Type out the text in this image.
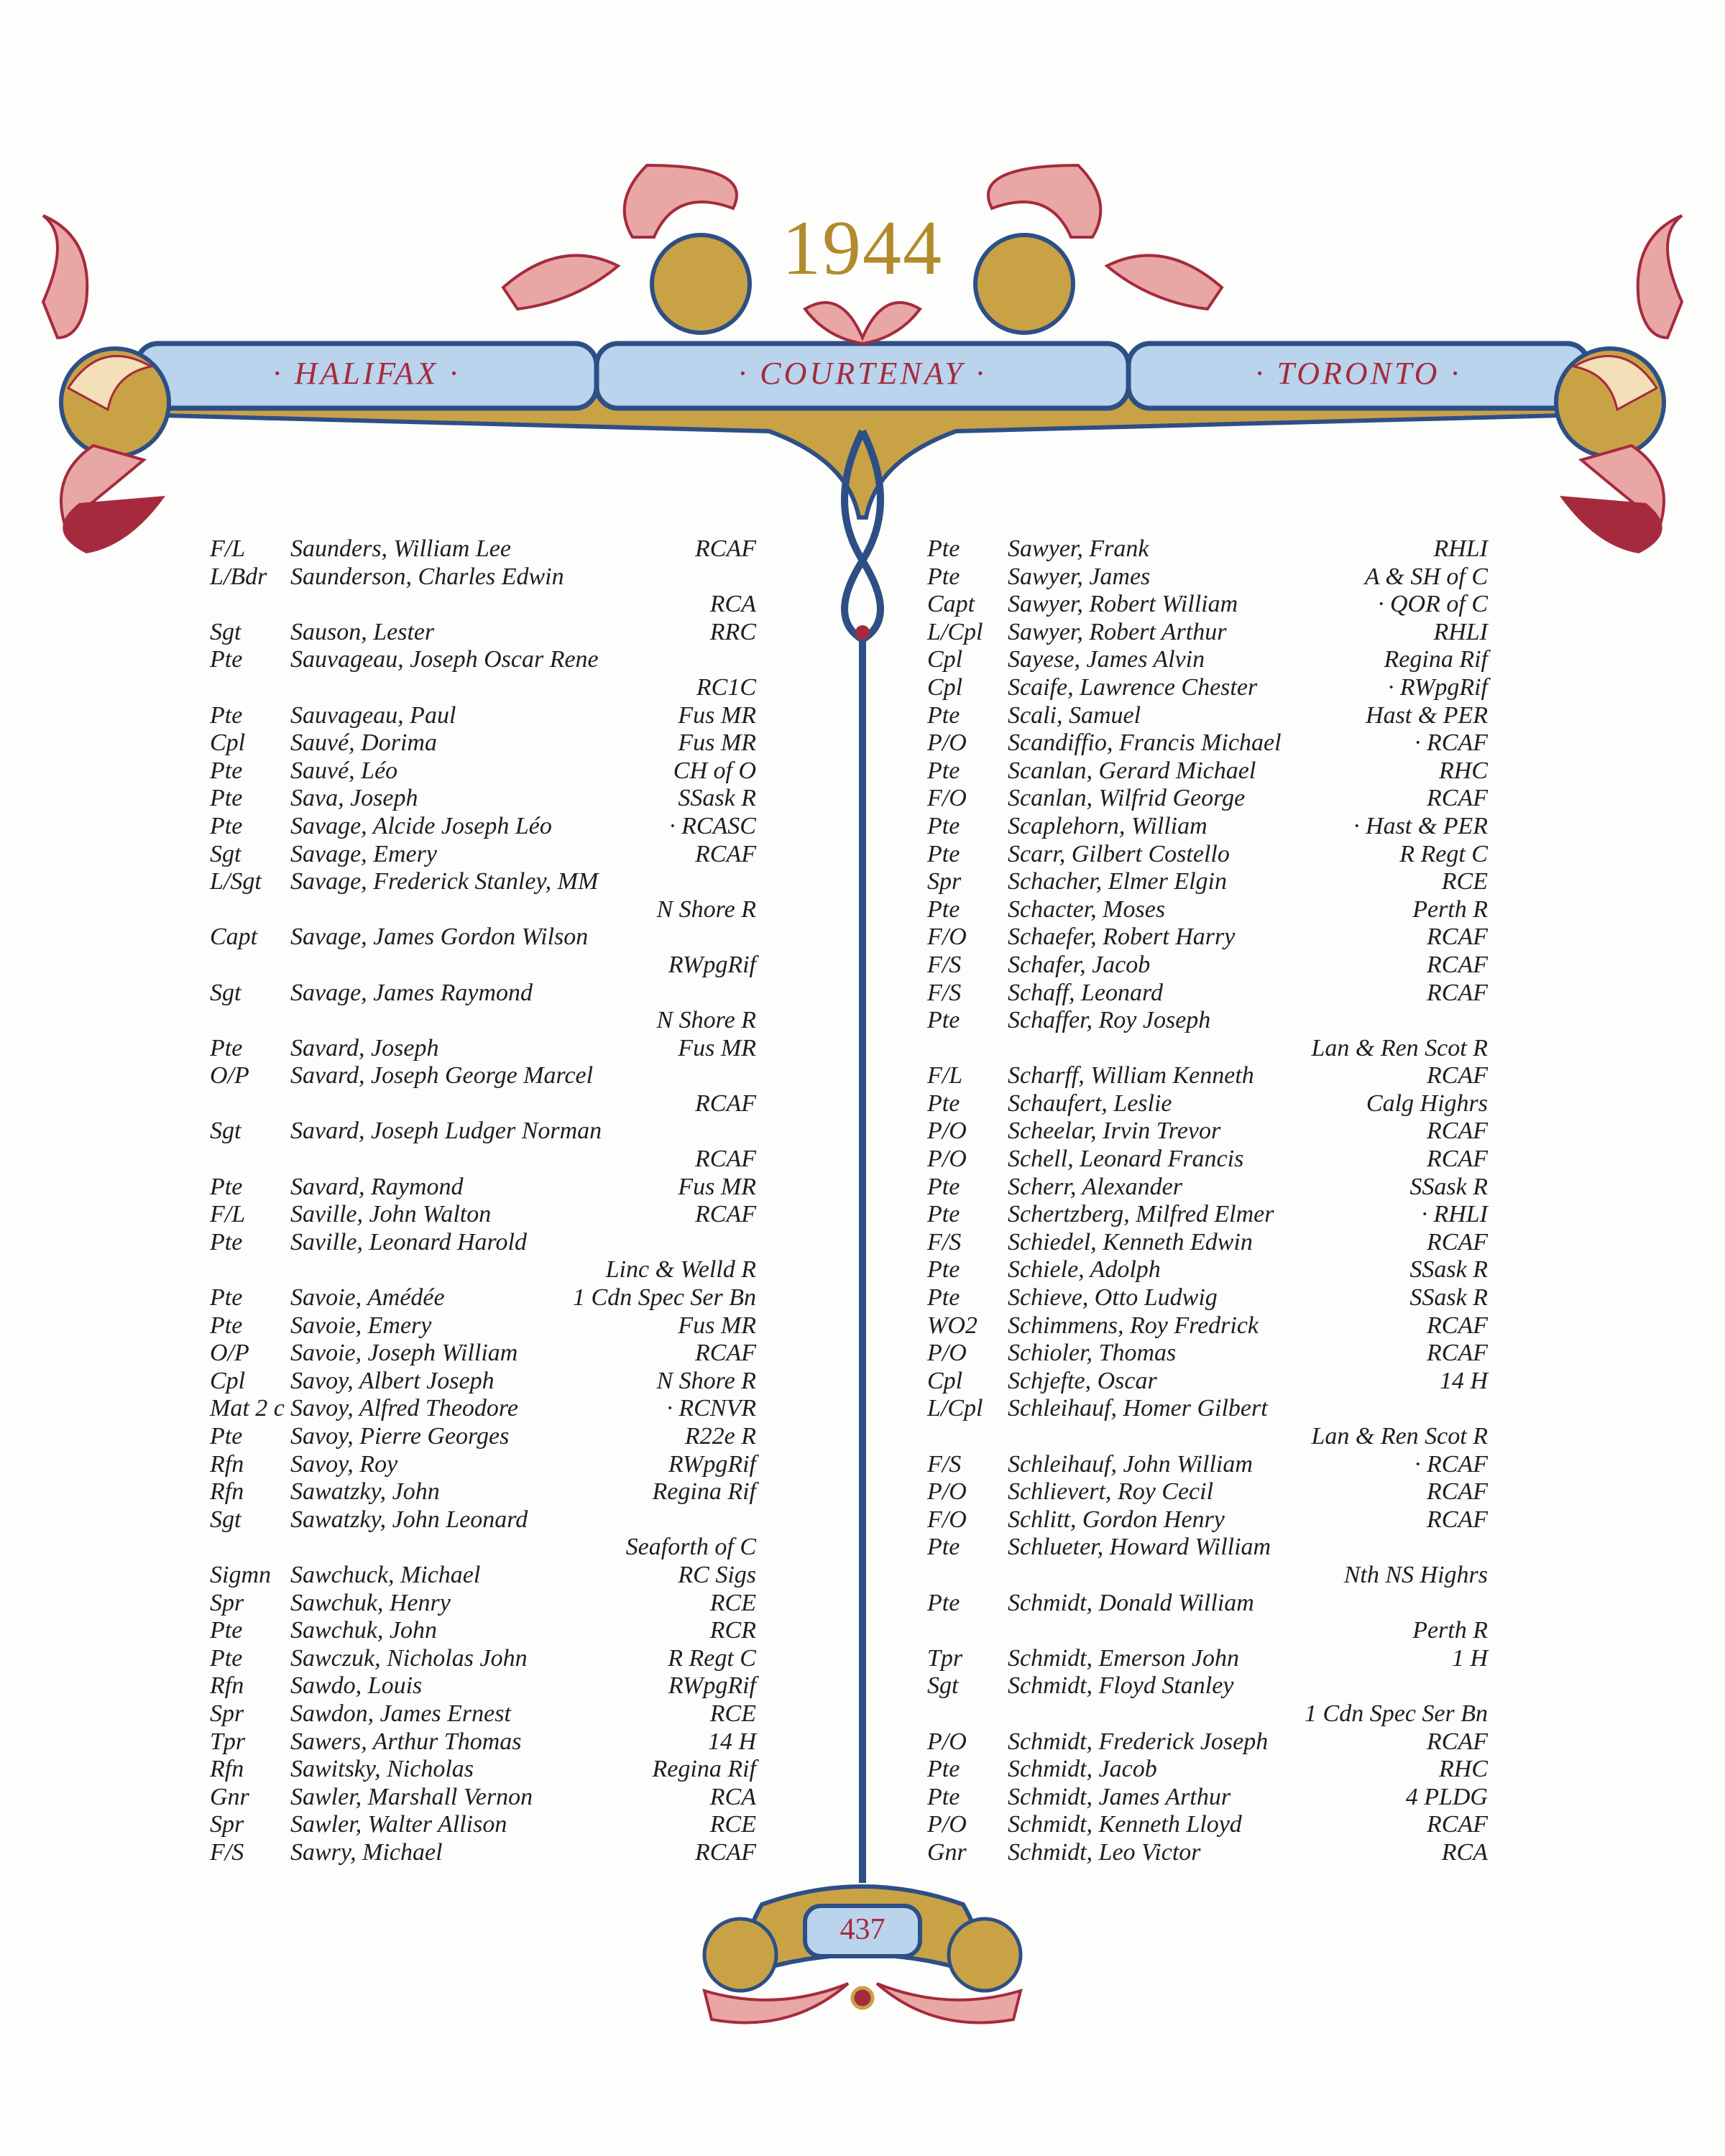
1944
· HALIFAX ·	· COURTENAY ·	· TORONTO ·
F/L Saunders, William Lee	RCAF
L/Bdr Saunderson, Charles Edwin
RCA
Sgt Sauson, Lester	RRC
Pte Sauvageau, Joseph Oscar Rene
RC1C
Pte Sauvageau, Paul	Fus MR
Cpl Sauvé, Dorima	Fus MR
Pte Sauvé, Léo	CH of O
Pte Sava, Joseph	SSask R
Pte Savage, Alcide Joseph Léo	· RCASC
Sgt Savage, Emery	RCAF
L/Sgt Savage, Frederick Stanley, MM
N Shore R
Capt Savage, James Gordon Wilson
RWpgRif
Sgt Savage, James Raymond
N Shore R
Pte Savard, Joseph	Fus MR
O/P Savard, Joseph George Marcel
RCAF
Sgt Savard, Joseph Ludger Norman
RCAF
Pte Savard, Raymond	Fus MR
F/L Saville, John Walton	RCAF
Pte Saville, Leonard Harold
Linc & Welld R
Pte Savoie, Amédée	1 Cdn Spec Ser Bn
Pte Savoie, Emery	Fus MR
O/P Savoie, Joseph William	RCAF
Cpl Savoy, Albert Joseph	N Shore R
Mat 2 c Savoy, Alfred Theodore	· RCNVR
Pte Savoy, Pierre Georges	R22e R
Rfn Savoy, Roy	RWpgRif
Rfn Sawatzky, John	Regina Rif
Sgt Sawatzky, John Leonard
Seaforth of C
Sigmn Sawchuck, Michael	RC Sigs
Spr Sawchuk, Henry	RCE
Pte Sawchuk, John	RCR
Pte Sawczuk, Nicholas John	R Regt C
Rfn Sawdo, Louis	RWpgRif
Spr Sawdon, James Ernest	RCE
Tpr Sawers, Arthur Thomas	14 H
Rfn Sawitsky, Nicholas	Regina Rif
Gnr Sawler, Marshall Vernon	RCA
Spr Sawler, Walter Allison	RCE
F/S Sawry, Michael	RCAF
Pte Sawyer, Frank	RHLI
Pte Sawyer, James	A & SH of C
Capt Sawyer, Robert William	· QOR of C
L/Cpl Sawyer, Robert Arthur	RHLI
Cpl Sayese, James Alvin	Regina Rif
Cpl Scaife, Lawrence Chester	· RWpgRif
Pte Scali, Samuel	Hast & PER
P/O Scandiffio, Francis Michael	· RCAF
Pte Scanlan, Gerard Michael	RHC
F/O Scanlan, Wilfrid George	RCAF
Pte Scaplehorn, William	· Hast & PER
Pte Scarr, Gilbert Costello	R Regt C
Spr Schacher, Elmer Elgin	RCE
Pte Schacter, Moses	Perth R
F/O Schaefer, Robert Harry	RCAF
F/S Schafer, Jacob	RCAF
F/S Schaff, Leonard	RCAF
Pte Schaffer, Roy Joseph
Lan & Ren Scot R
F/L Scharff, William Kenneth	RCAF
Pte Schaufert, Leslie	Calg Highrs
P/O Scheelar, Irvin Trevor	RCAF
P/O Schell, Leonard Francis	RCAF
Pte Scherr, Alexander	SSask R
Pte Schertzberg, Milfred Elmer	· RHLI
F/S Schiedel, Kenneth Edwin	RCAF
Pte Schiele, Adolph	SSask R
Pte Schieve, Otto Ludwig	SSask R
WO2 Schimmens, Roy Fredrick	RCAF
P/O Schioler, Thomas	RCAF
Cpl Schjefte, Oscar	14 H
L/Cpl Schleihauf, Homer Gilbert
Lan & Ren Scot R
F/S Schleihauf, John William	· RCAF
P/O Schlievert, Roy Cecil	RCAF
F/O Schlitt, Gordon Henry	RCAF
Pte Schlueter, Howard William
Nth NS Highrs
Pte Schmidt, Donald William
Perth R
Tpr Schmidt, Emerson John	1 H
Sgt Schmidt, Floyd Stanley
1 Cdn Spec Ser Bn
P/O Schmidt, Frederick Joseph	RCAF
Pte Schmidt, Jacob	RHC
Pte Schmidt, James Arthur	4 PLDG
P/O Schmidt, Kenneth Lloyd	RCAF
Gnr Schmidt, Leo Victor	RCA
437
